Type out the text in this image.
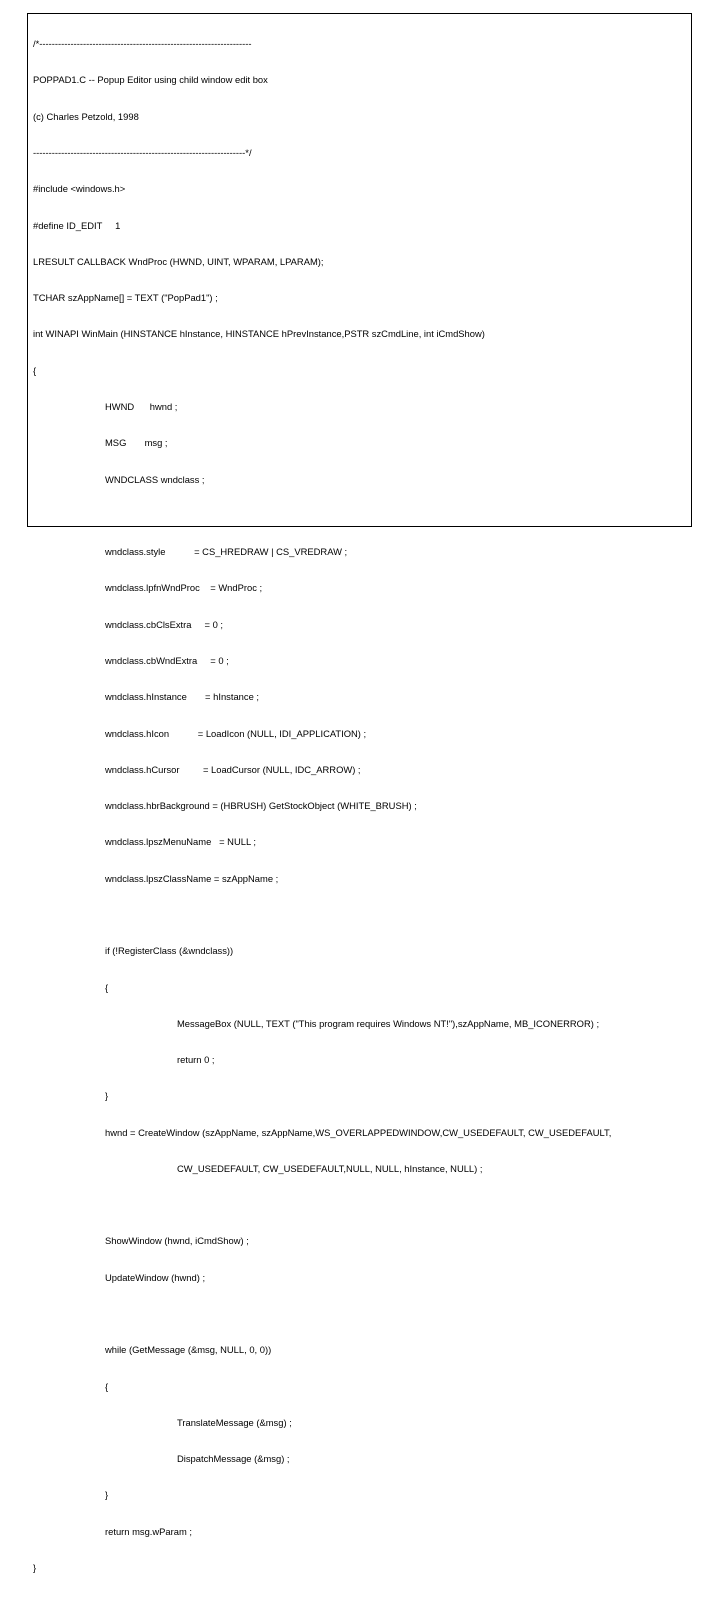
/*--------------------------------------------------------------------

POPPAD1.C -- Popup Editor using child window edit box

(c) Charles Petzold, 1998

--------------------------------------------------------------------*/

#include <windows.h>

#define ID_EDIT     1

LRESULT CALLBACK WndProc (HWND, UINT, WPARAM, LPARAM);

TCHAR szAppName[] = TEXT ("PopPad1") ;

int WINAPI WinMain (HINSTANCE hInstance, HINSTANCE hPrevInstance,PSTR szCmdLine, int iCmdShow)

{

HWND      hwnd ;

MSG       msg ;

WNDCLASS wndclass ;

wndclass.style           = CS_HREDRAW | CS_VREDRAW ;

wndclass.lpfnWndProc    = WndProc ;

wndclass.cbClsExtra     = 0 ;

wndclass.cbWndExtra     = 0 ;

wndclass.hInstance       = hInstance ;

wndclass.hIcon           = LoadIcon (NULL, IDI_APPLICATION) ;

wndclass.hCursor         = LoadCursor (NULL, IDC_ARROW) ;

wndclass.hbrBackground = (HBRUSH) GetStockObject (WHITE_BRUSH) ;

wndclass.lpszMenuName   = NULL ;

wndclass.lpszClassName = szAppName ;

if (!RegisterClass (&wndclass))

{

MessageBox (NULL, TEXT ("This program requires Windows NT!"),szAppName, MB_ICONERROR) ;

return 0 ;

}

hwnd = CreateWindow (szAppName, szAppName,WS_OVERLAPPEDWINDOW,CW_USEDEFAULT, CW_USEDEFAULT,

CW_USEDEFAULT, CW_USEDEFAULT,NULL, NULL, hInstance, NULL) ;

ShowWindow (hwnd, iCmdShow) ;

UpdateWindow (hwnd) ;

while (GetMessage (&msg, NULL, 0, 0))

{

TranslateMessage (&msg) ;

DispatchMessage (&msg) ;

}

return msg.wParam ;

}
